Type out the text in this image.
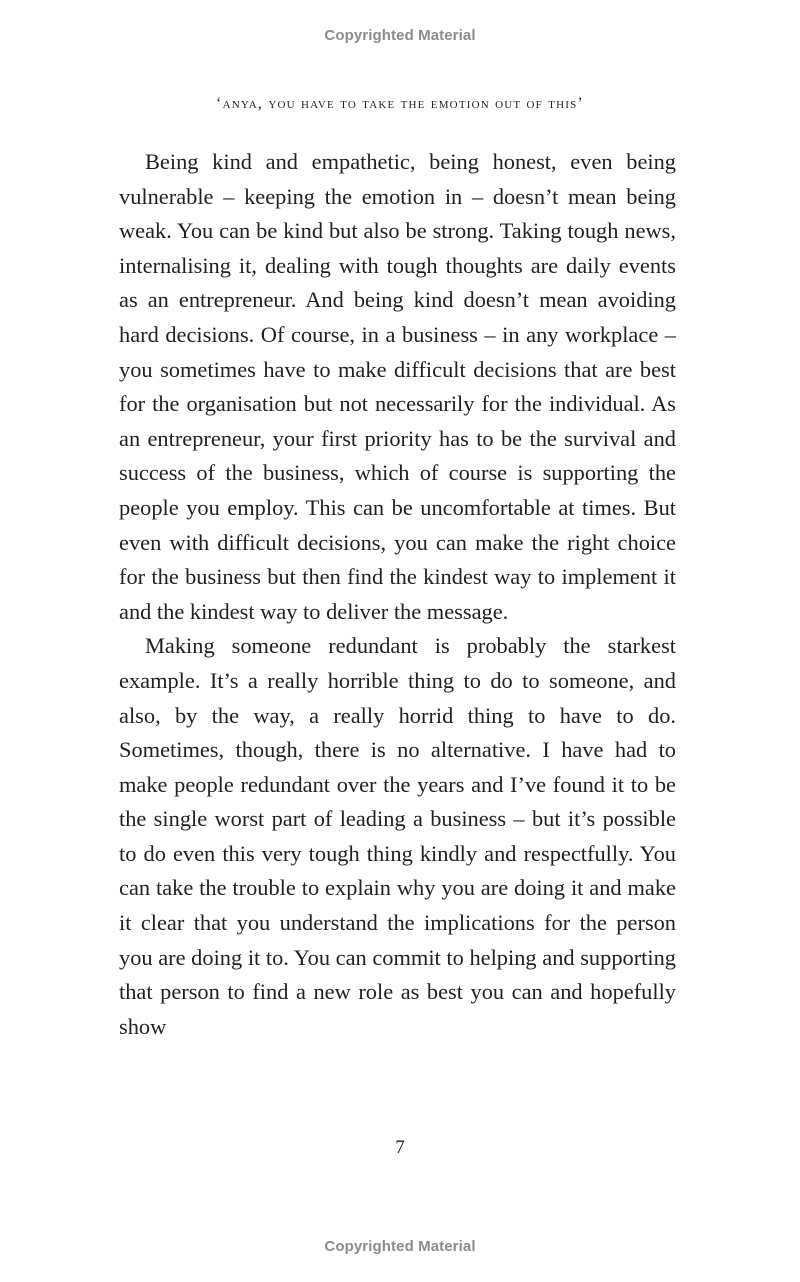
Copyrighted Material
‘anya, you have to take the emotion out of this’

Being kind and empathetic, being honest, even being vulnerable – keeping the emotion in – doesn’t mean being weak. You can be kind but also be strong. Taking tough news, internalising it, dealing with tough thoughts are daily events as an entrepreneur. And being kind doesn’t mean avoiding hard decisions. Of course, in a business – in any workplace – you sometimes have to make difficult decisions that are best for the organisation but not necessarily for the individual. As an entrepreneur, your first priority has to be the survival and success of the business, which of course is supporting the people you employ. This can be uncomfortable at times. But even with difficult decisions, you can make the right choice for the business but then find the kindest way to implement it and the kindest way to deliver the message.

Making someone redundant is probably the starkest example. It’s a really horrible thing to do to someone, and also, by the way, a really horrid thing to have to do. Sometimes, though, there is no alternative. I have had to make people redundant over the years and I’ve found it to be the single worst part of leading a business – but it’s possible to do even this very tough thing kindly and respectfully. You can take the trouble to explain why you are doing it and make it clear that you understand the implications for the person you are doing it to. You can commit to helping and supporting that person to find a new role as best you can and hopefully show

7
Copyrighted Material
